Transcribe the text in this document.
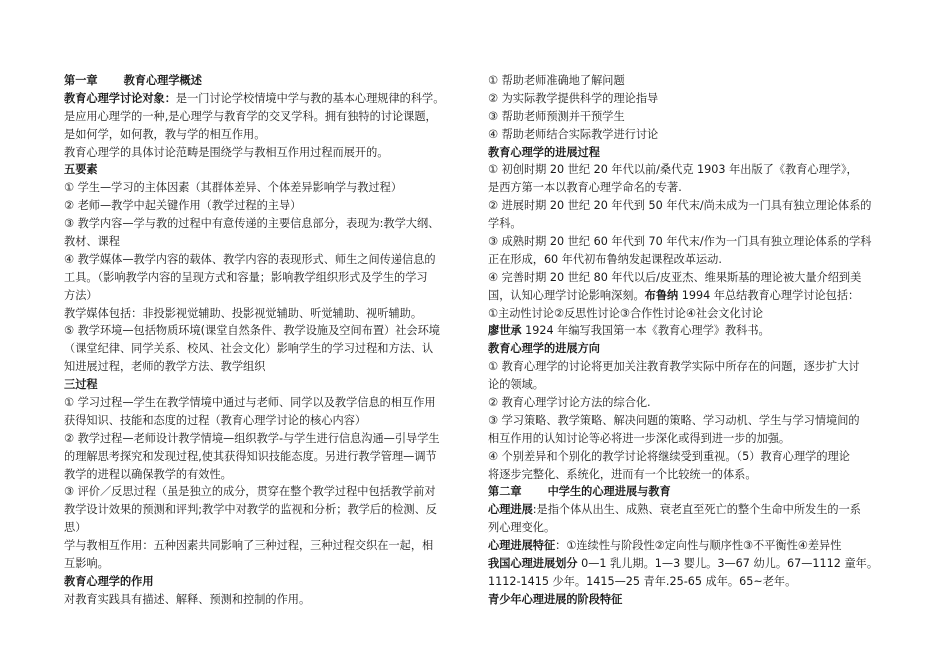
第一章 教育心理学概述
教育心理学讨论对象：是一门讨论学校情境中学与教的基本心理规律的科学。
是应用心理学的一种,是心理学与教育学的交叉学科。拥有独特的讨论课题，
是如何学，如何教，教与学的相互作用。
教育心理学的具体讨论范畴是围绕学与教相互作用过程而展开的。
五要素
① 学生—学习的主体因素（其群体差异、个体差异影响学与教过程）
② 老师—教学中起关键作用（教学过程的主导）
③ 教学内容—学与教的过程中有意传递的主要信息部分，表现为:教学大纲、
教材、课程
④ 教学媒体—教学内容的载体、教学内容的表现形式、师生之间传递信息的
工具。（影响教学内容的呈现方式和容量；影响教学组织形式及学生的学习
方法）
教学媒体包括：非投影视觉辅助、投影视觉辅助、听觉辅助、视听辅助。
⑤ 教学环境—包括物质环境(课堂自然条件、教学设施及空间布置）社会环境
（课堂纪律、同学关系、校风、社会文化）影响学生的学习过程和方法、认
知进展过程，老师的教学方法、教学组织
三过程
① 学习过程—学生在教学情境中通过与老师、同学以及教学信息的相互作用
获得知识、技能和态度的过程（教育心理学讨论的核心内容）
② 教学过程—老师设计教学情境—组织教学-与学生进行信息沟通—引导学生
的理解思考探究和发现过程,使其获得知识技能态度。另进行教学管理—调节
教学的进程以确保教学的有效性。
③ 评价／反思过程（虽是独立的成分，贯穿在整个教学过程中包括教学前对
教学设计效果的预测和评判;教学中对教学的监视和分析；教学后的检测、反
思）
学与教相互作用：五种因素共同影响了三种过程，三种过程交织在一起，相
互影响。
教育心理学的作用
对教育实践具有描述、解释、预测和控制的作用。
① 帮助老师准确地了解问题
② 为实际教学提供科学的理论指导
③ 帮助老师预测并干预学生
④ 帮助老师结合实际教学进行讨论
教育心理学的进展过程
① 初创时期 20 世纪 20 年代以前/桑代克 1903 年出版了《教育心理学》，
是西方第一本以教育心理学命名的专著.
② 进展时期 20 世纪 20 年代到 50 年代末/尚未成为一门具有独立理论体系的
学科。
③ 成熟时期 20 世纪 60 年代到 70 年代末/作为一门具有独立理论体系的学科
正在形成，60 年代初布鲁纳发起课程改革运动.
④ 完善时期 20 世纪 80 年代以后/皮亚杰、维果斯基的理论被大量介绍到美
国，认知心理学讨论影响深刻。布鲁纳 1994 年总结教育心理学讨论包括：
①主动性讨论②反思性讨论③合作性讨论④社会文化讨论
廖世承 1924 年编写我国第一本《教育心理学》教科书。
教育心理学的进展方向
① 教育心理学的讨论将更加关注教育教学实际中所存在的问题，逐步扩大讨
论的领域。
② 教育心理学讨论方法的综合化.
③ 学习策略、教学策略、解决问题的策略、学习动机、学生与学习情境间的
相互作用的认知讨论等必将进一步深化或得到进一步的加强。
④ 个别差异和个别化的教学讨论将继续受到重视。（5）教育心理学的理论
将逐步完整化、系统化，进而有一个比较统一的体系。
第二章 中学生的心理进展与教育
心理进展:是指个体从出生、成熟、衰老直至死亡的整个生命中所发生的一系
列心理变化。
心理进展特征：①连续性与阶段性②定向性与顺序性③不平衡性④差异性
我国心理进展划分 0—1 乳儿期。1—3 婴儿。3—67 幼儿。67—1112 童年。
1112-1415 少年。1415—25 青年.25-65 成年。65~老年。
青少年心理进展的阶段特征
